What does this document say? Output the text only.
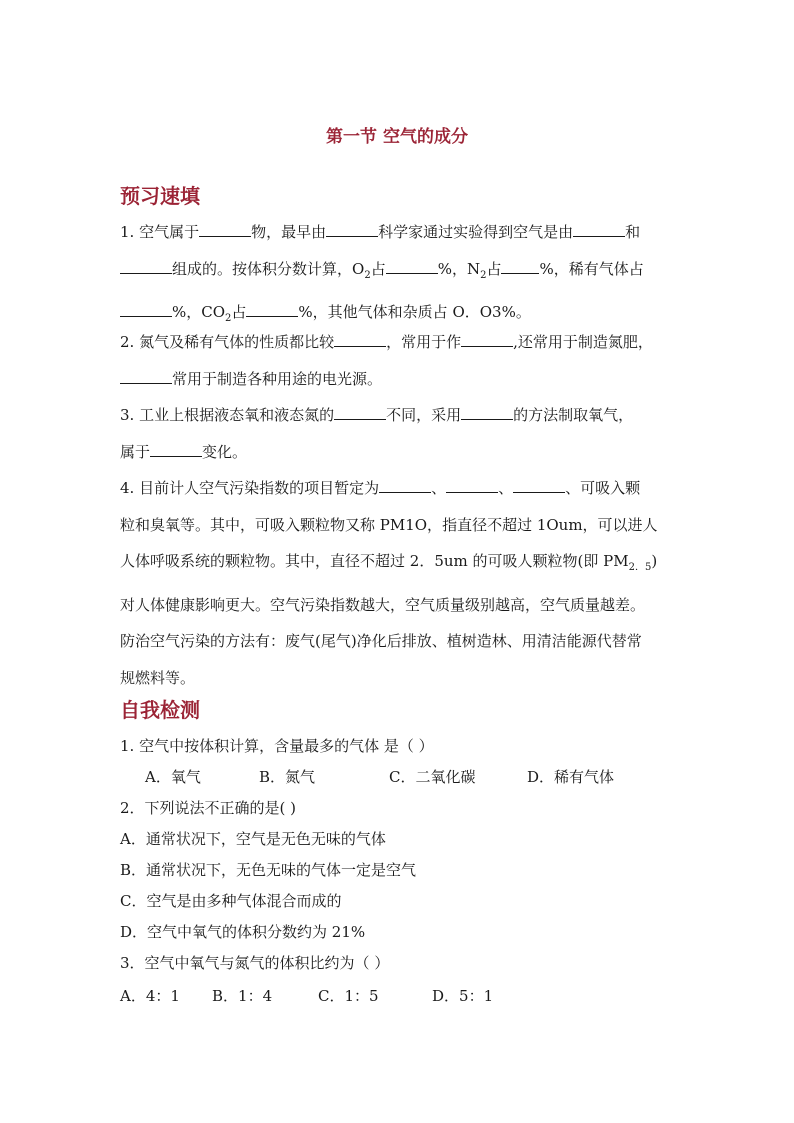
第一节 空气的成分
预习速填

1. 空气属于	物，最早由	科学家通过实验得到空气是由	和
组成的。按体积分数计算，$O_2$占	%，$N_2$占	%，稀有气体占
%，$CO_2$占	%，其他气体和杂质占 O．O3%。

2. 氮气及稀有气体的性质都比较	，常用于作	,还常用于制造氮肥，
常用于制造各种用途的电光源。

3. 工业上根据液态氧和液态氮的	不同，采用	的方法制取氧气，
属于	变化。

4. 目前计人空气污染指数的项目暂定为	、	、	、可吸入颗
粒和臭氧等。其中，可吸入颗粒物又称 PM1O，指直径不超过 1Oum，可以进人
人体呼吸系统的颗粒物。其中，直径不超过 2．5um 的可吸人颗粒物(即 $PM_{2.5}$)
对人体健康影响更大。空气污染指数越大，空气质量级别越高，空气质量越差。
防治空气污染的方法有：废气(尾气)净化后排放、植树造林、用清洁能源代替常
规燃料等。

自我检测

1. 空气中按体积计算，含量最多的气体 是（ ）

A．氧气	B．氮气	C．二氧化碳	D．稀有气体

2．下列说法不正确的是( )

A．通常状况下，空气是无色无味的气体

B．通常状况下，无色无味的气体一定是空气

C．空气是由多种气体混合而成的

D．空气中氧气的体积分数约为 21%

3．空气中氧气与氮气的体积比约为（ ）

A．4：1 B．1：4	C．1：5	D．5：1
